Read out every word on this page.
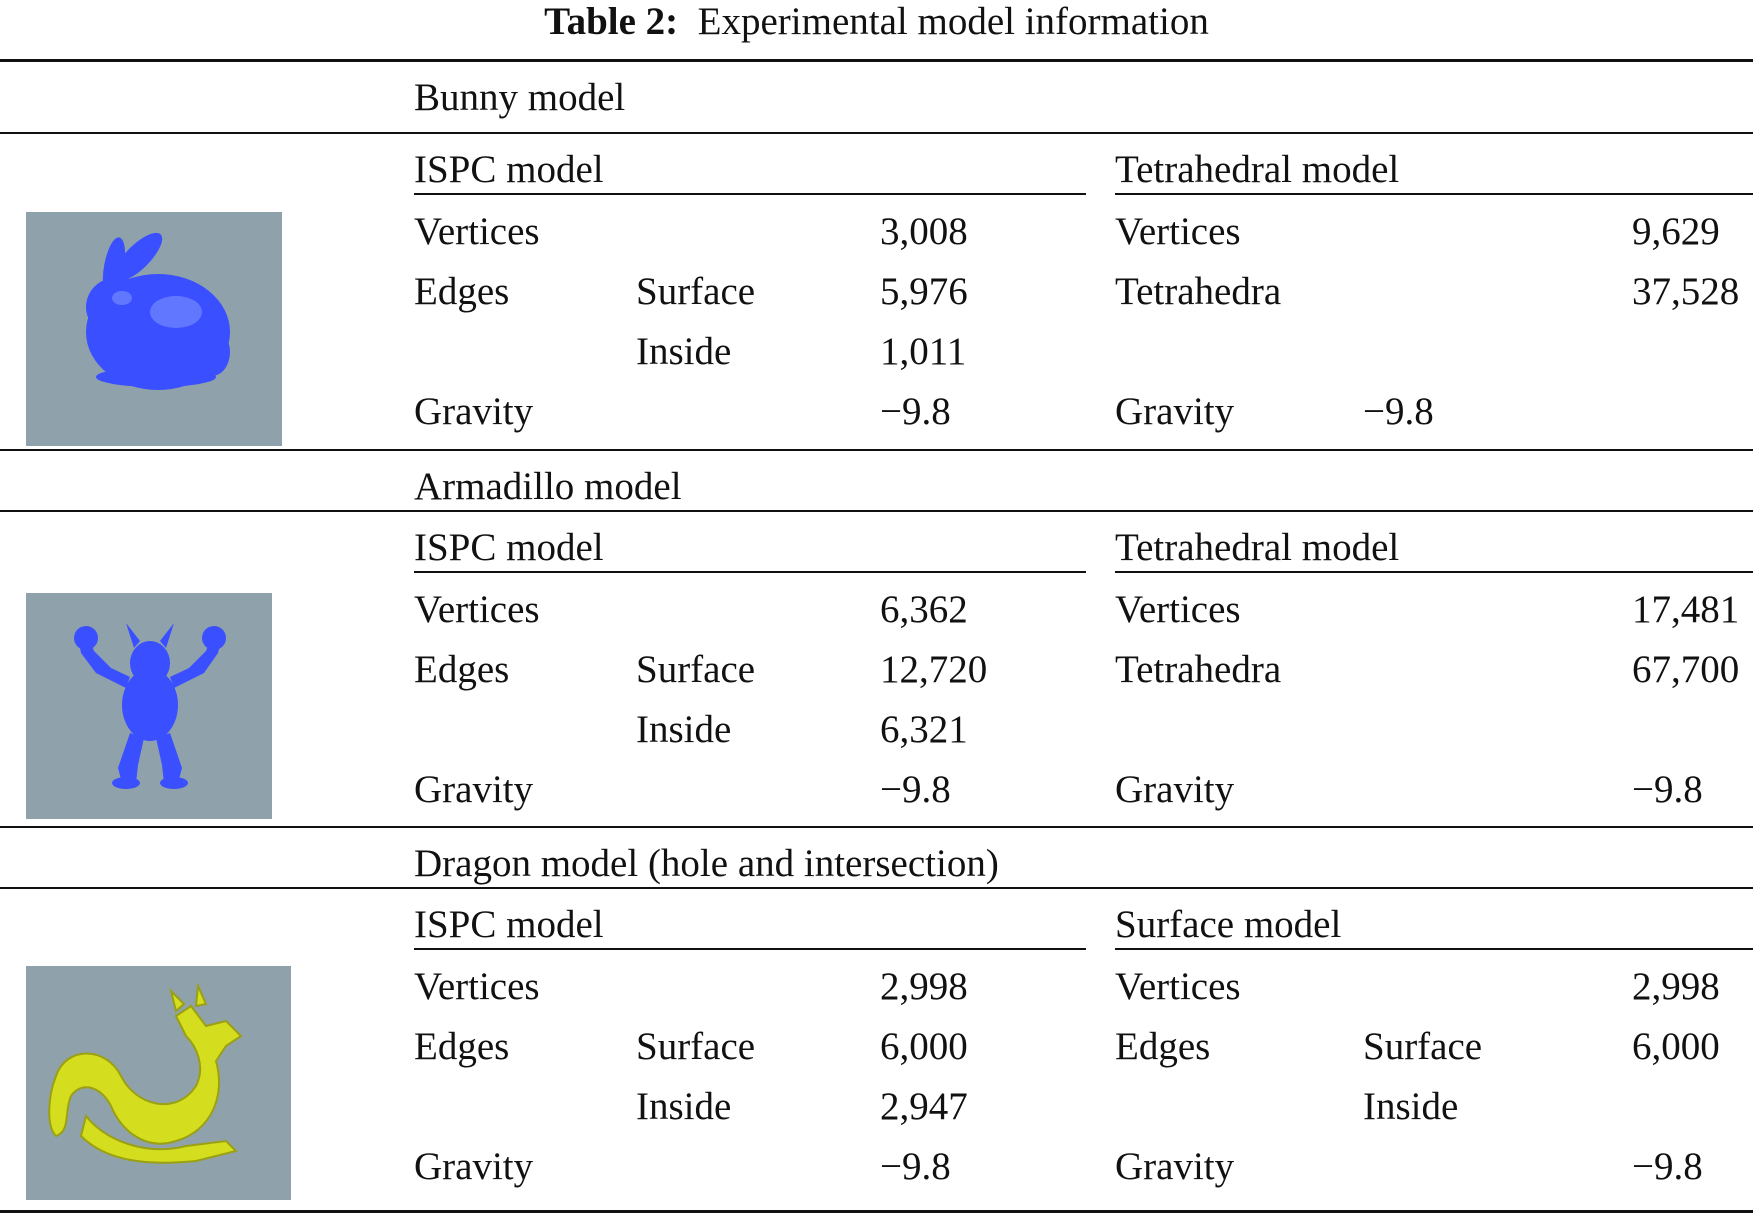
Table 2: Experimental model information
Bunny model
ISPC model	Tetrahedral model
Vertices	3,008
Edges	Surface	5,976
Inside	1,011
Gravity	−9.8
Vertices	9,629
Tetrahedra	37,528
Gravity	−9.8
Armadillo model
ISPC model	Tetrahedral model
Vertices	6,362
Edges	Surface	12,720
Inside	6,321
Gravity	−9.8
Vertices	17,481
Tetrahedra	67,700
Gravity	−9.8
Dragon model (hole and intersection)
ISPC model	Surface model
Vertices	2,998
Edges	Surface	6,000
Inside	2,947
Gravity	−9.8
Vertices	2,998
Edges	Surface	6,000
Inside
Gravity	−9.8
